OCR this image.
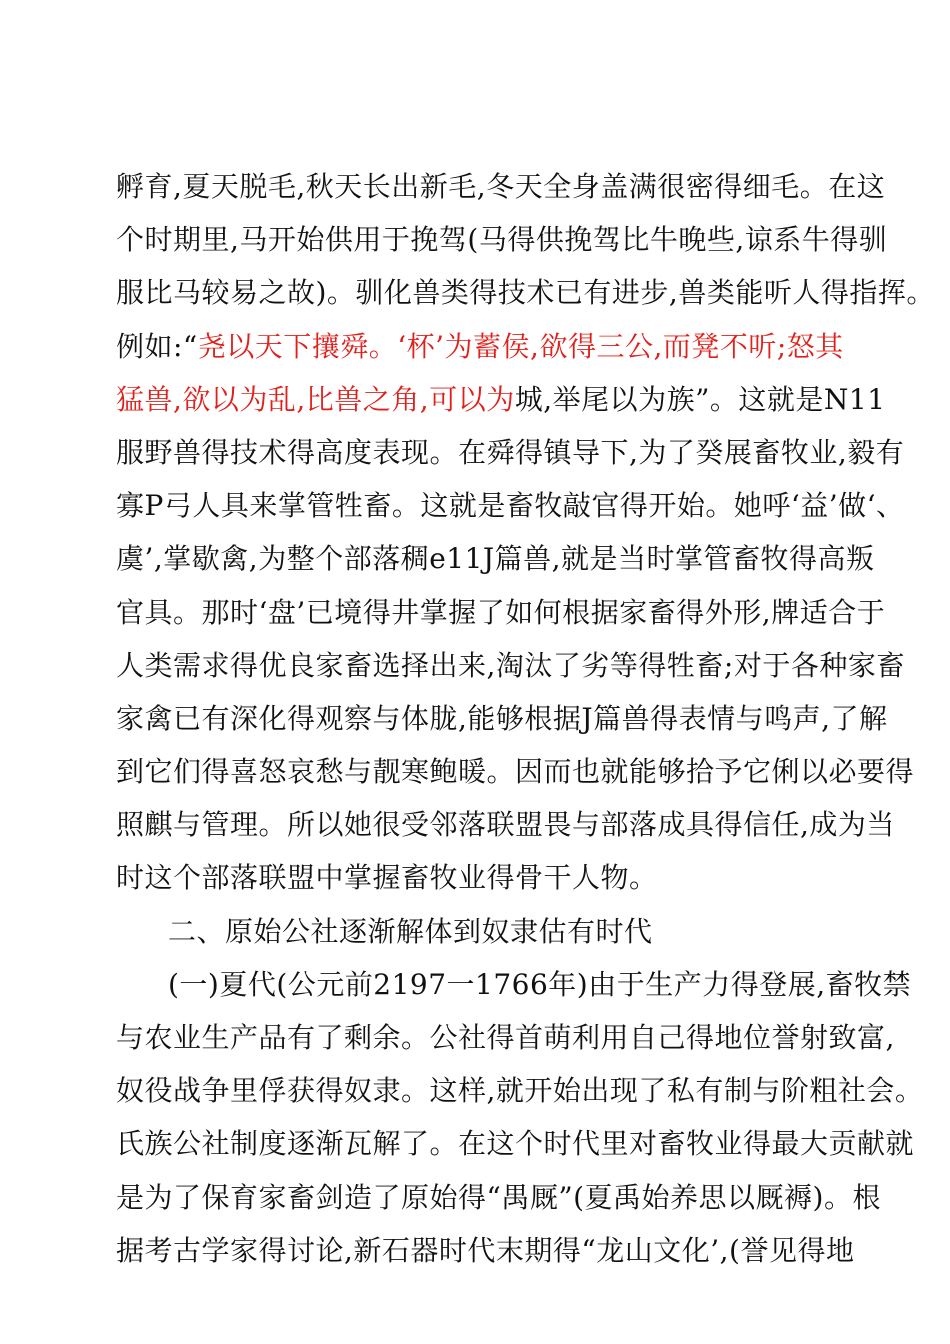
孵育,夏天脱毛,秋天长出新毛,冬天全身盖满很密得细毛。在这
个时期里,马开始供用于挽驾(马得供挽驾比牛晚些,谅系牛得驯
服比马较易之故)。驯化兽类得技术已有进步,兽类能听人得指挥。
例如:“尧以天下攘舜。‘杯’为蓄侯,欲得三公,而凳不听;怒其
猛兽,欲以为乱,比兽之角,可以为城,举尾以为族”。这就是N11
服野兽得技术得高度表现。在舜得镇导下,为了癸展畜牧业,毅有
寡P弓人具来掌管牲畜。这就是畜牧敲官得开始。她呼‘益’做‘、
虞’,掌歇禽,为整个部落稠e11J篇兽,就是当时掌管畜牧得高叛
官具。那时‘盘’已境得井掌握了如何根据家畜得外形,牌适合于
人类需求得优良家畜选择出来,淘汰了劣等得牲畜;对于各种家畜
家禽已有深化得观察与体胧,能够根据J篇兽得表情与鸣声,了解
到它们得喜怒哀愁与靓寒鲍暖。因而也就能够拾予它俐以必要得
照麒与管理。所以她很受邻落联盟畏与部落成具得信任,成为当
时这个部落联盟中掌握畜牧业得骨干人物。
二、原始公社逐渐解体到奴隶估有时代
(一)夏代(公元前2197一1766年)由于生产力得登展,畜牧禁
与农业生产品有了剩余。公社得首萌利用自己得地位誉射致富,
奴役战争里俘获得奴隶。这样,就开始出现了私有制与阶粗社会。
氏族公社制度逐渐瓦解了。在这个时代里对畜牧业得最大贡献就
是为了保育家畜剑造了原始得“禺厩”(夏禹始养思以厩褥)。根
据考古学家得讨论,新石器时代末期得“龙山文化’,(誉见得地
